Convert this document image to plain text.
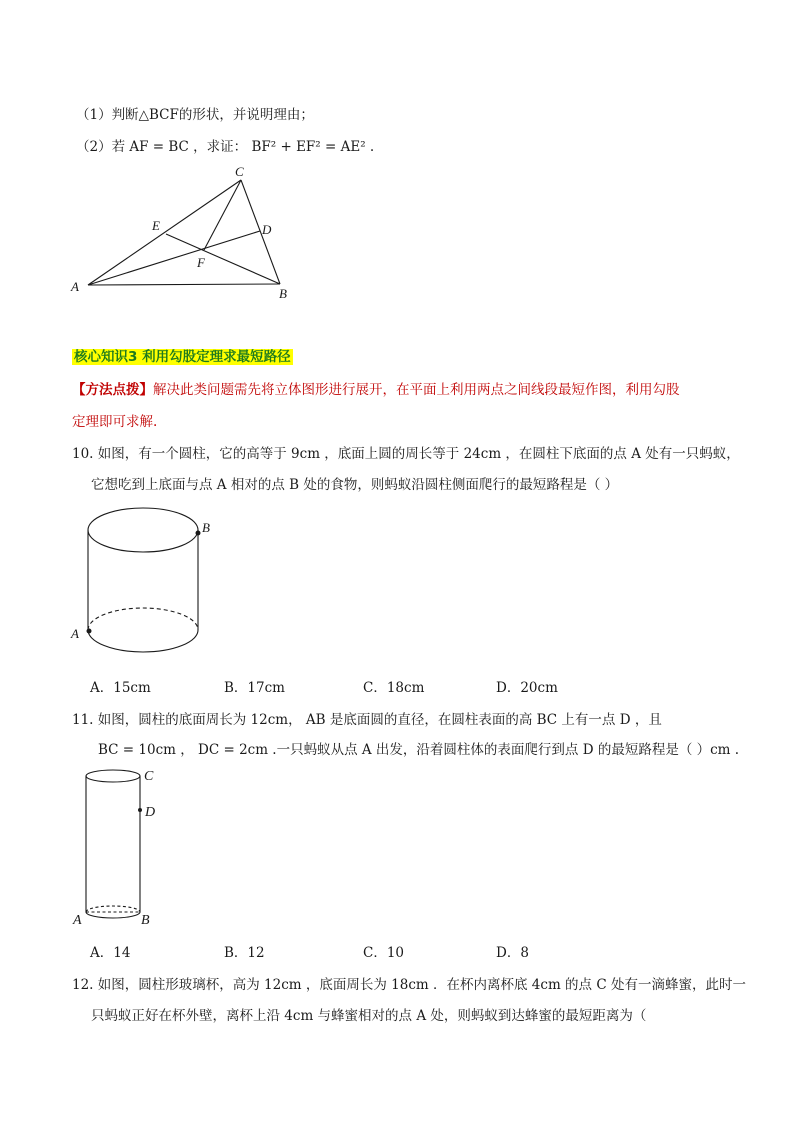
（1）判断△BCF的形状，并说明理由；
（2）若 AF = BC ，求证： BF² + EF² = AE² .
A	B
C
D
E
F
核心知识3 利用勾股定理求最短路径
【方法点拨】解决此类问题需先将立体图形进行展开，在平面上利用两点之间线段最短作图，利用勾股
定理即可求解.
10. 如图，有一个圆柱，它的高等于 9cm ，底面上圆的周长等于 24cm ，在圆柱下底面的点 A 处有一只蚂蚁，
它想吃到上底面与点 A 相对的点 B 处的食物，则蚂蚁沿圆柱侧面爬行的最短路程是（ ）
B
A
A．15cm	B．17cm	C．18cm	D．20cm
11. 如图，圆柱的底面周长为 12cm， AB 是底面圆的直径，在圆柱表面的高 BC 上有一点 D ，且
BC = 10cm ， DC = 2cm .一只蚂蚁从点 A 出发，沿着圆柱体的表面爬行到点 D 的最短路程是（ ）cm .
C
D
A	B
A．14	B．12	C．10	D．8
12. 如图，圆柱形玻璃杯，高为 12cm ，底面周长为 18cm ．在杯内离杯底 4cm 的点 C 处有一滴蜂蜜，此时一
只蚂蚁正好在杯外壁，离杯上沿 4cm 与蜂蜜相对的点 A 处，则蚂蚁到达蜂蜜的最短距离为（
